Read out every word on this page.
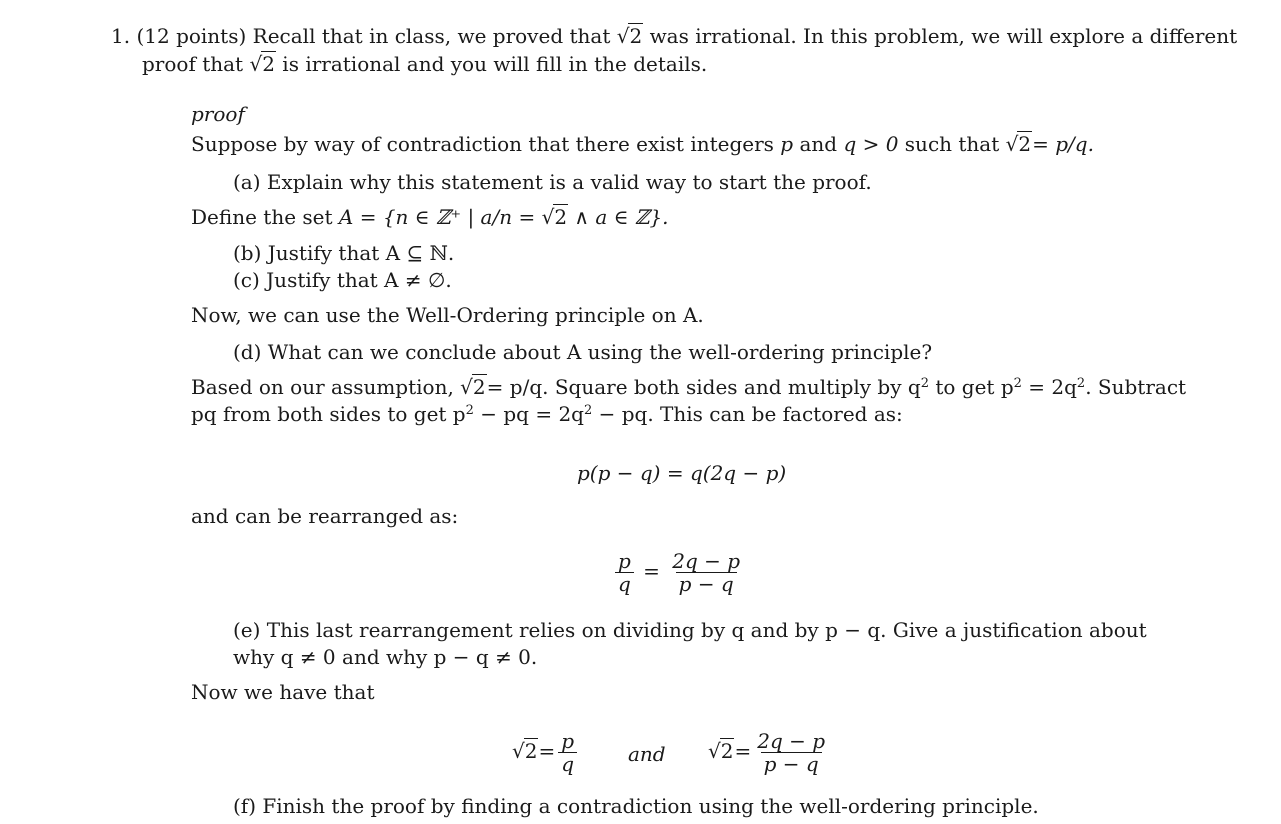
1. (12 points) Recall that in class, we proved that √2 was irrational. In this problem, we will explore a different
proof that √2 is irrational and you will fill in the details.
proof
Suppose by way of contradiction that there exist integers p and q > 0 such that √2= p/q.
(a) Explain why this statement is a valid way to start the proof.
Define the set A = {n ∈ ℤ⁺ | a/n = √2 ∧ a ∈ ℤ}.
(b) Justify that A ⊆ ℕ.
(c) Justify that A ≠ ∅.
Now, we can use the Well-Ordering principle on A.
(d) What can we conclude about A using the well-ordering principle?
Based on our assumption, √2= p/q. Square both sides and multiply by $q^2$ to get $p^2 = 2q^2$. Subtract
pq from both sides to get $p^2$ − pq = $2q^2$ − pq. This can be factored as:
p(p − q) = q(2q − p)
and can be rearranged as:
$\frac{p}{q} = \frac{2q - p}{p - q}$
(e) This last rearrangement relies on dividing by q and by p − q. Give a justification about
why q ≠ 0 and why p − q ≠ 0.
Now we have that
$√2= \frac{p}{q}$	and $√2= \frac{2q - p}{p - q}$
(f) Finish the proof by finding a contradiction using the well-ordering principle.
